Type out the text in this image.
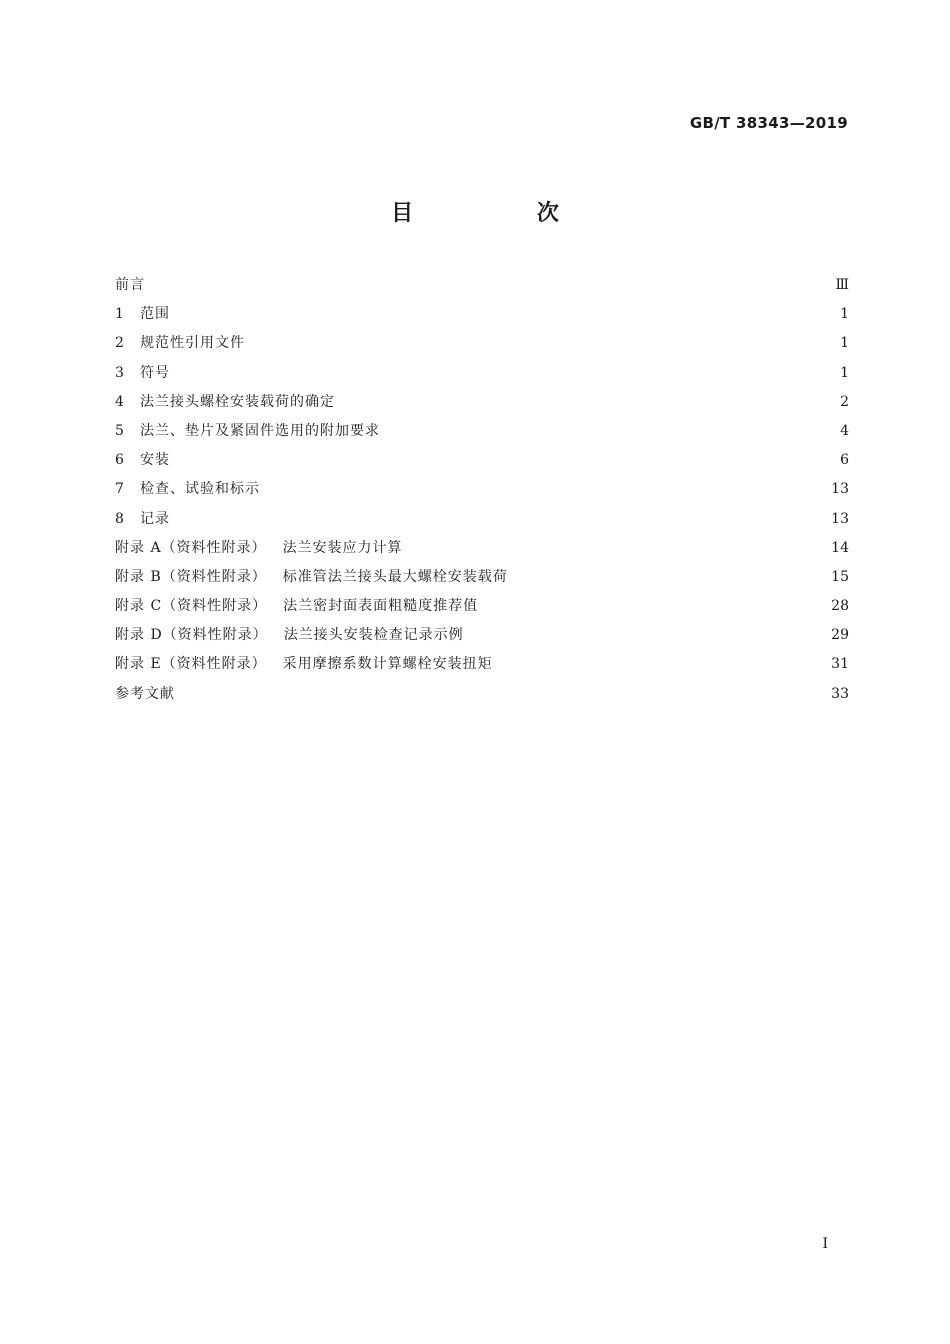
GB/T 38343—2019
目 次
前言	Ⅲ
1	范围	1
2	规范性引用文件	1
3	符号	1
4	法兰接头螺栓安装载荷的确定	2
5	法兰、垫片及紧固件选用的附加要求	4
6	安装	6
7	检查、试验和标示	13
8	记录	13
附录 A（资料性附录）	法兰安装应力计算	14
附录 B（资料性附录）	标准管法兰接头最大螺栓安装载荷	15
附录 C（资料性附录）	法兰密封面表面粗糙度推荐值	28
附录 D（资料性附录）	法兰接头安装检查记录示例	29
附录 E（资料性附录）	采用摩擦系数计算螺栓安装扭矩	31
参考文献	33
I
